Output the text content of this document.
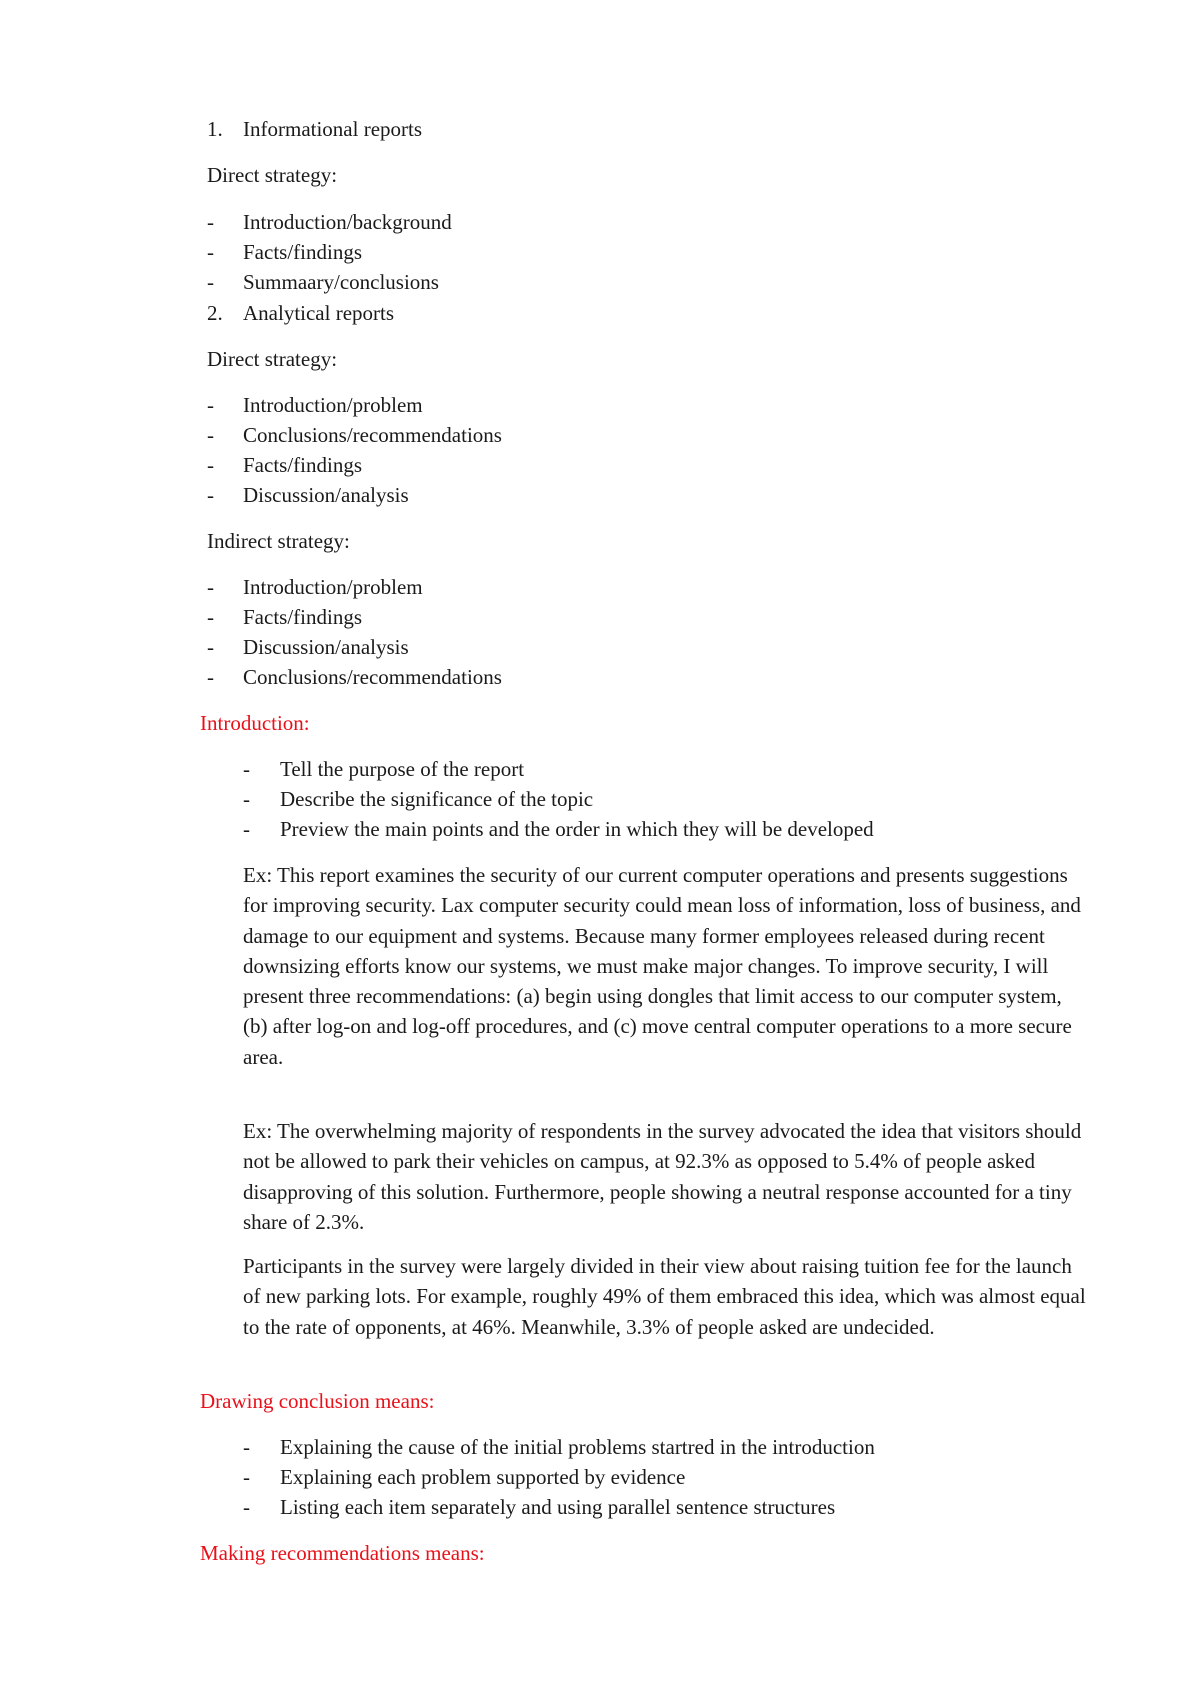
1. Informational reports
Direct strategy:
- Introduction/background
- Facts/findings
- Summaary/conclusions
2. Analytical reports
Direct strategy:
- Introduction/problem
- Conclusions/recommendations
- Facts/findings
- Discussion/analysis
Indirect strategy:
- Introduction/problem
- Facts/findings
- Discussion/analysis
- Conclusions/recommendations
Introduction:
- Tell the purpose of the report
- Describe the significance of the topic
- Preview the main points and the order in which they will be developed
Ex: This report examines the security of our current computer operations and presents suggestions for improving security. Lax computer security could mean loss of information, loss of business, and damage to our equipment and systems. Because many former employees released during recent downsizing efforts know our systems, we must make major changes. To improve security, I will present three recommendations: (a) begin using dongles that limit access to our computer system, (b) after log-on and log-off procedures, and (c) move central computer operations to a more secure area.
Ex: The overwhelming majority of respondents in the survey advocated the idea that visitors should not be allowed to park their vehicles on campus, at 92.3% as opposed to 5.4% of people asked disapproving of this solution. Furthermore, people showing a neutral response accounted for a tiny share of 2.3%.
Participants in the survey were largely divided in their view about raising tuition fee for the launch of new parking lots. For example, roughly 49% of them embraced this idea, which was almost equal to the rate of opponents, at 46%. Meanwhile, 3.3% of people asked are undecided.
Drawing conclusion means:
- Explaining the cause of the initial problems startred in the introduction
- Explaining each problem supported by evidence
- Listing each item separately and using parallel sentence structures
Making recommendations means:
